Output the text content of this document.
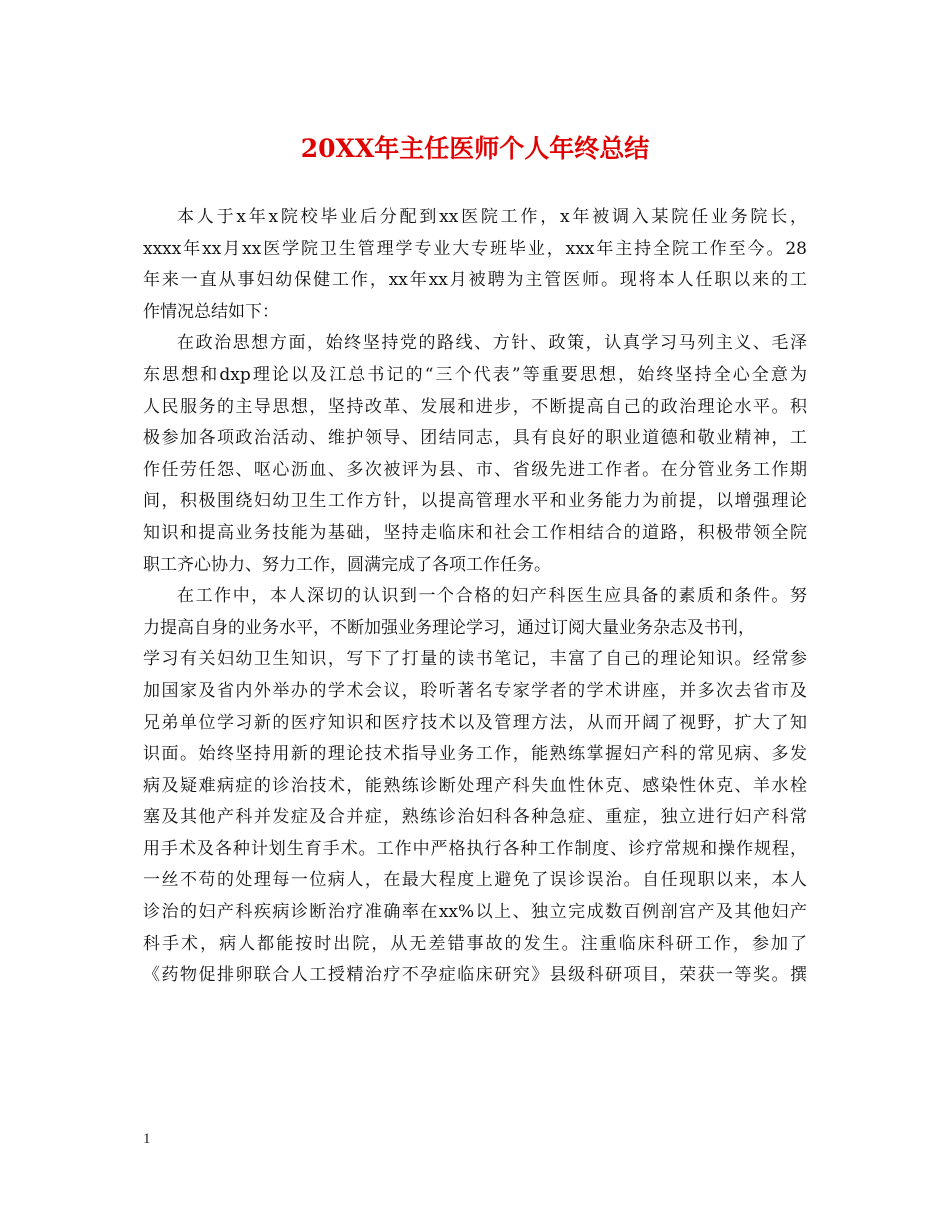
20XX年主任医师个人年终总结
本人于x年x院校毕业后分配到xx医院工作，x年被调入某院任业务院长，
xxxx年xx月xx医学院卫生管理学专业大专班毕业，xxx年主持全院工作至今。28
年来一直从事妇幼保健工作，xx年xx月被聘为主管医师。现将本人任职以来的工
作情况总结如下：
在政治思想方面，始终坚持党的路线、方针、政策，认真学习马列主义、毛泽
东思想和dxp理论以及江总书记的“三个代表”等重要思想，始终坚持全心全意为
人民服务的主导思想，坚持改革、发展和进步，不断提高自己的政治理论水平。积
极参加各项政治活动、维护领导、团结同志，具有良好的职业道德和敬业精神，工
作任劳任怨、呕心沥血、多次被评为县、市、省级先进工作者。在分管业务工作期
间，积极围绕妇幼卫生工作方针，以提高管理水平和业务能力为前提，以增强理论
知识和提高业务技能为基础，坚持走临床和社会工作相结合的道路，积极带领全院
职工齐心协力、努力工作，圆满完成了各项工作任务。
在工作中，本人深切的认识到一个合格的妇产科医生应具备的素质和条件。努
力提高自身的业务水平，不断加强业务理论学习，通过订阅大量业务杂志及书刊，
学习有关妇幼卫生知识，写下了打量的读书笔记，丰富了自己的理论知识。经常参
加国家及省内外举办的学术会议，聆听著名专家学者的学术讲座，并多次去省市及
兄弟单位学习新的医疗知识和医疗技术以及管理方法，从而开阔了视野，扩大了知
识面。始终坚持用新的理论技术指导业务工作，能熟练掌握妇产科的常见病、多发
病及疑难病症的诊治技术，能熟练诊断处理产科失血性休克、感染性休克、羊水栓
塞及其他产科并发症及合并症，熟练诊治妇科各种急症、重症，独立进行妇产科常
用手术及各种计划生育手术。工作中严格执行各种工作制度、诊疗常规和操作规程，
一丝不苟的处理每一位病人，在最大程度上避免了误诊误治。自任现职以来，本人
诊治的妇产科疾病诊断治疗准确率在xx%以上、独立完成数百例剖宫产及其他妇产
科手术，病人都能按时出院，从无差错事故的发生。注重临床科研工作，参加了
《药物促排卵联合人工授精治疗不孕症临床研究》县级科研项目，荣获一等奖。撰
1
